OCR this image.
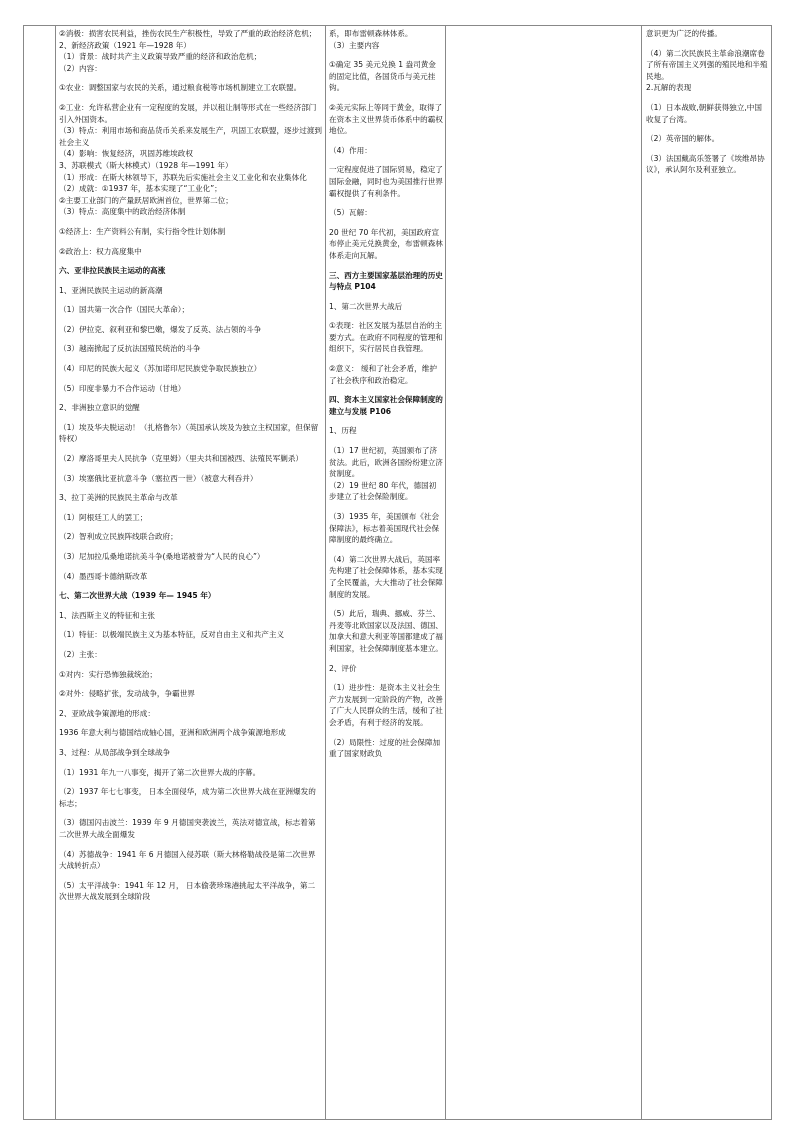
②消极：损害农民利益，挫伤农民生产积极性，导致了严重的政治经济危机；

2、新经济政策（1921 年—1928 年）

（1）背景：战时共产主义政策导致严重的经济和政治危机；

（2）内容：

①农业：调整国家与农民的关系，通过粮食税等市场机制建立工农联盟。

②工业：允许私营企业有一定程度的发展，并以租让制等形式在一些经济部门引入外国资本。

（3）特点：利用市场和商品货币关系来发展生产，巩固工农联盟，逐步过渡到社会主义

（4）影响：恢复经济，巩固苏维埃政权

3、苏联模式（斯大林模式）（1928 年—1991 年）

（1）形成：在斯大林领导下，苏联先后实施社会主义工业化和农业集体化

（2）成就：①1937 年，基本实现了“工业化”；

②主要工业部门的产量跃居欧洲首位，世界第二位；

（3）特点：高度集中的政治经济体制

①经济上：生产资料公有制，实行指令性计划体制

②政治上：权力高度集中

六、亚非拉民族民主运动的高涨

1、亚洲民族民主运动的新高潮

（1）国共第一次合作（国民大革命）；

（2）伊拉克、叙利亚和黎巴嫩，爆发了反英、法占领的斗争

（3）越南掀起了反抗法国殖民统治的斗争

（4）印尼的民族大起义（苏加诺印尼民族党争取民族独立）

（5）印度非暴力不合作运动（甘地）

2、非洲独立意识的觉醒

（1）埃及华夫脱运动！（扎格鲁尔）（英国承认埃及为独立主权国家，但保留特权）

（2）摩洛哥里夫人民抗争（克里姆）（里夫共和国被西、法殖民军剿杀）

（3）埃塞俄比亚抗意斗争（塞拉西一世）（被意大利吞并）

3、拉丁美洲的民族民主革命与改革

（1）阿根廷工人的罢工；

（2）智利成立民族阵线联合政府；

（3）尼加拉瓜桑地诺抗美斗争(桑地诺被誉为“人民的良心”）

（4）墨西哥卡德纳斯改革

七、第二次世界大战（1939 年— 1945 年）

1、法西斯主义的特征和主张

（1）特征：以极端民族主义为基本特征，反对自由主义和共产主义

（2）主张：

①对内：实行恐怖独裁统治；

②对外：侵略扩张，发动战争，争霸世界

2、亚欧战争策源地的形成：

1936 年意大利与德国结成轴心国，亚洲和欧洲两个战争策源地形成

3、过程：从局部战争到全球战争

（1）1931 年九一八事变，揭开了第二次世界大战的序幕。

（2）1937 年七七事变， 日本全面侵华，成为第二次世界大战在亚洲爆发的标志；

（3）德国闪击波兰：1939 年 9 月德国突袭波兰，英法对德宣战，标志着第二次世界大战全面爆发

（4）苏德战争：1941 年 6 月德国入侵苏联（斯大林格勒战役是第二次世界大战转折点）

（5）太平洋战争：1941 年 12 月， 日本偷袭珍珠港挑起太平洋战争，第二次世界大战发展到全球阶段

系，即布雷顿森林体系。

（3）主要内容

①确定 35 美元兑换 1 盎司黄金的固定比值，各国货币与美元挂钩。

②美元实际上等同于黄金，取得了在资本主义世界货币体系中的霸权地位。

（4）作用：

一定程度促进了国际贸易，稳定了国际金融，同时也为美国推行世界霸权提供了有利条件。

（5）瓦解：

20 世纪 70 年代初，美国政府宣布停止美元兑换黄金，布雷顿森林体系走向瓦解。

三、西方主要国家基层治理的历史与特点 P104

1、第二次世界大战后

①表现：社区发展为基层自治的主要方式。在政府不同程度的管理和组织下，实行居民自我管理。

②意义： 缓和了社会矛盾，维护了社会秩序和政治稳定。

四、资本主义国家社会保障制度的建立与发展 P106

1、历程

（1）17 世纪初，英国颁布了济贫法。此后，欧洲各国纷纷建立济贫制度。

（2）19 世纪 80 年代，德国初步建立了社会保险制度。

（3）1935 年，美国颁布《社会保障法》，标志着美国现代社会保障制度的最终确立。

（4）第二次世界大战后，英国率先构建了社会保障体系，基本实现了全民覆盖，大大推动了社会保障制度的发展。

（5）此后，瑞典、挪威、芬兰、丹麦等北欧国家以及法国、德国、加拿大和意大利亚等国都建成了福利国家，社会保障制度基本建立。

2、评价

（1）进步性：是资本主义社会生产力发展到一定阶段的产物，改善了广大人民群众的生活，缓和了社会矛盾，有利于经济的发展。

（2）局限性：过度的社会保障加重了国家财政负

意识更为广泛的传播。

（4）第二次民族民主革命浪潮席卷了所有帝国主义列强的殖民地和半殖民地。

2.瓦解的表现

（1）日本战败,朝鲜获得独立,中国收复了台湾。

（2）英帝国的解体。

（3）法国戴高乐签署了《埃维昂协议》，承认阿尔及利亚独立。
